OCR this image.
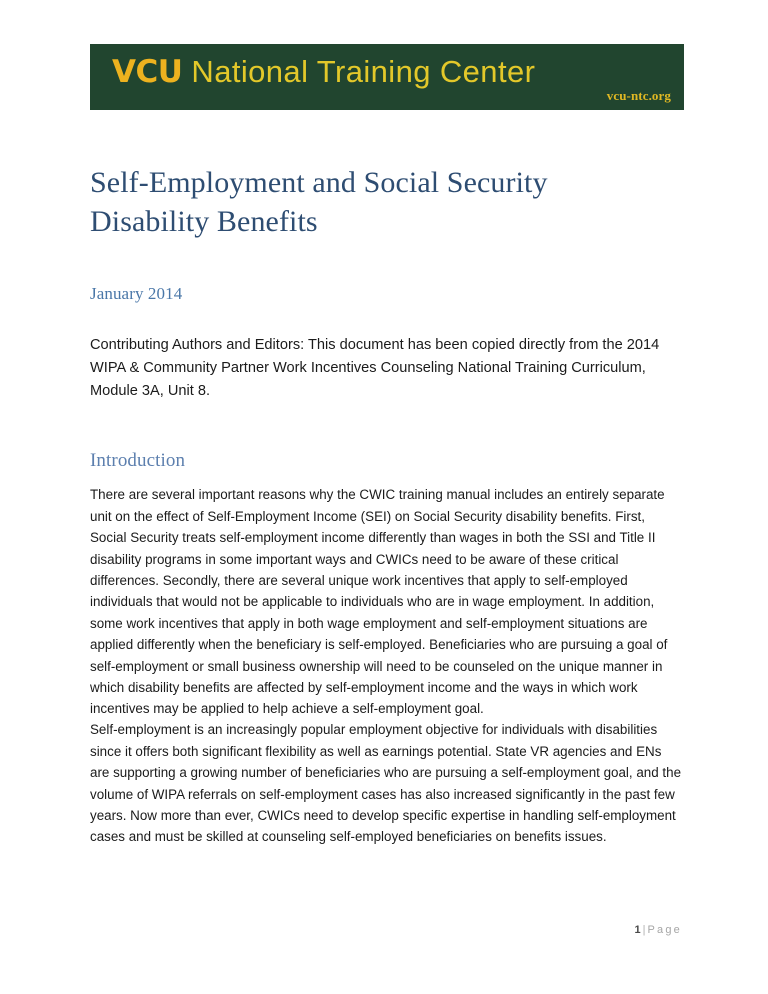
VCU National Training Center
vcu-ntc.org
Self-Employment and Social Security Disability Benefits
January 2014

Contributing Authors and Editors: This document has been copied directly from the 2014 WIPA & Community Partner Work Incentives Counseling National Training Curriculum, Module 3A, Unit 8.

Introduction

There are several important reasons why the CWIC training manual includes an entirely separate unit on the effect of Self-Employment Income (SEI) on Social Security disability benefits. First, Social Security treats self-employment income differently than wages in both the SSI and Title II disability programs in some important ways and CWICs need to be aware of these critical differences. Secondly, there are several unique work incentives that apply to self-employed individuals that would not be applicable to individuals who are in wage employment. In addition, some work incentives that apply in both wage employment and self-employment situations are applied differently when the beneficiary is self-employed. Beneficiaries who are pursuing a goal of self-employment or small business ownership will need to be counseled on the unique manner in which disability benefits are affected by self-employment income and the ways in which work incentives may be applied to help achieve a self-employment goal.

Self-employment is an increasingly popular employment objective for individuals with disabilities since it offers both significant flexibility as well as earnings potential. State VR agencies and ENs are supporting a growing number of beneficiaries who are pursuing a self-employment goal, and the volume of WIPA referrals on self-employment cases has also increased significantly in the past few years. Now more than ever, CWICs need to develop specific expertise in handling self-employment cases and must be skilled at counseling self-employed beneficiaries on benefits issues.

1 | Page
